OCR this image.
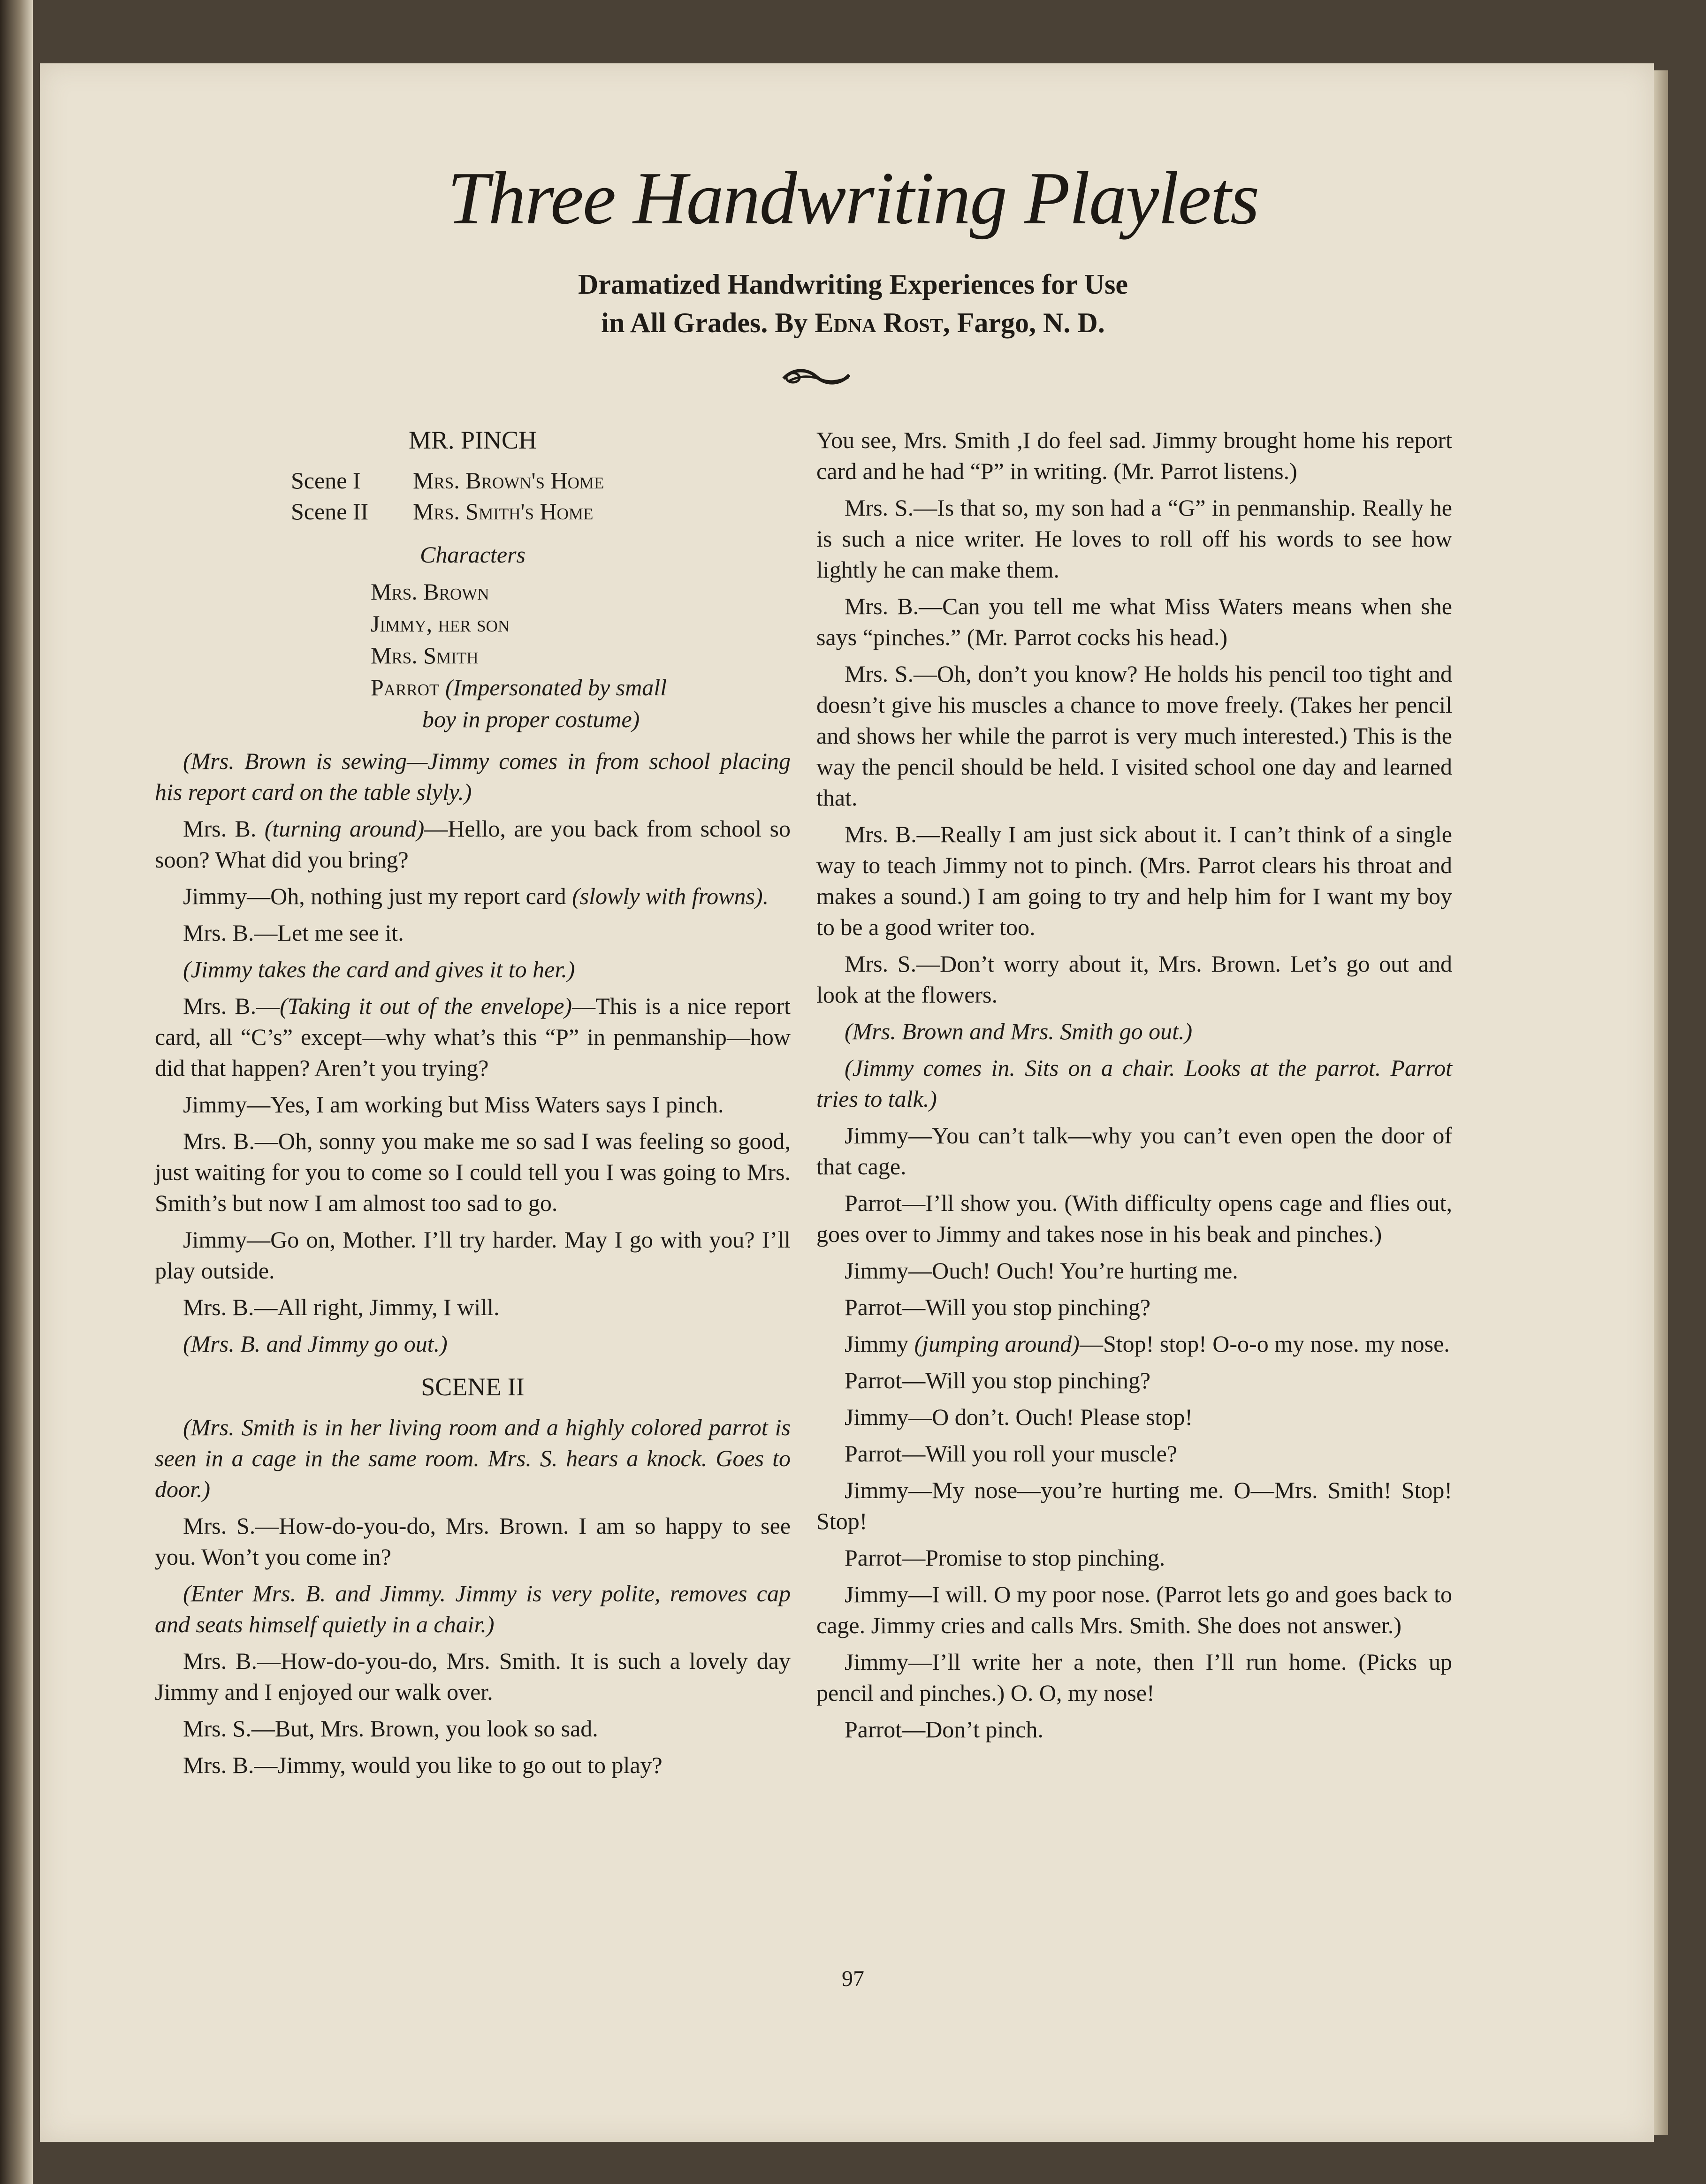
Three Handwriting Playlets
Dramatized Handwriting Experiences for Use
in All Grades. By Edna Rost, Fargo, N. D.
MR. PINCH
Scene I	Mrs. Brown's Home
Scene II	Mrs. Smith's Home
Characters
Mrs. Brown
Jimmy, her son
Mrs. Smith
Parrot (Impersonated by small
boy in proper costume)

(Mrs. Brown is sewing—Jimmy comes in from school placing his report card on the table slyly.)

Mrs. B. (turning around)—Hello, are you back from school so soon? What did you bring?

Jimmy—Oh, nothing just my report card (slowly with frowns).

Mrs. B.—Let me see it.

(Jimmy takes the card and gives it to her.)

Mrs. B.—(Taking it out of the envelope)—This is a nice report card, all “C’s” except—why what’s this “P” in penmanship—how did that happen? Aren’t you trying?

Jimmy—Yes, I am working but Miss Waters says I pinch.

Mrs. B.—Oh, sonny you make me so sad I was feeling so good, just waiting for you to come so I could tell you I was going to Mrs. Smith’s but now I am almost too sad to go.

Jimmy—Go on, Mother. I’ll try harder. May I go with you? I’ll play outside.

Mrs. B.—All right, Jimmy, I will.

(Mrs. B. and Jimmy go out.)

SCENE II

(Mrs. Smith is in her living room and a highly colored parrot is seen in a cage in the same room. Mrs. S. hears a knock. Goes to door.)

Mrs. S.—How-do-you-do, Mrs. Brown. I am so happy to see you. Won’t you come in?

(Enter Mrs. B. and Jimmy. Jimmy is very polite, removes cap and seats himself quietly in a chair.)

Mrs. B.—How-do-you-do, Mrs. Smith. It is such a lovely day Jimmy and I enjoyed our walk over.

Mrs. S.—But, Mrs. Brown, you look so sad.

Mrs. B.—Jimmy, would you like to go out to play?

You see, Mrs. Smith ,I do feel sad. Jimmy brought home his report card and he had “P” in writing. (Mr. Parrot listens.)

Mrs. S.—Is that so, my son had a “G” in penmanship. Really he is such a nice writer. He loves to roll off his words to see how lightly he can make them.

Mrs. B.—Can you tell me what Miss Waters means when she says “pinches.” (Mr. Parrot cocks his head.)

Mrs. S.—Oh, don’t you know? He holds his pencil too tight and doesn’t give his muscles a chance to move freely. (Takes her pencil and shows her while the parrot is very much interested.) This is the way the pencil should be held. I visited school one day and learned that.

Mrs. B.—Really I am just sick about it. I can’t think of a single way to teach Jimmy not to pinch. (Mrs. Parrot clears his throat and makes a sound.) I am going to try and help him for I want my boy to be a good writer too.

Mrs. S.—Don’t worry about it, Mrs. Brown. Let’s go out and look at the flowers.

(Mrs. Brown and Mrs. Smith go out.)

(Jimmy comes in. Sits on a chair. Looks at the parrot. Parrot tries to talk.)

Jimmy—You can’t talk—why you can’t even open the door of that cage.

Parrot—I’ll show you. (With difficulty opens cage and flies out, goes over to Jimmy and takes nose in his beak and pinches.)

Jimmy—Ouch! Ouch! You’re hurting me.

Parrot—Will you stop pinching?

Jimmy (jumping around)—Stop! stop! O-o-o my nose. my nose.

Parrot—Will you stop pinching?

Jimmy—O don’t. Ouch! Please stop!

Parrot—Will you roll your muscle?

Jimmy—My nose—you’re hurting me. O—Mrs. Smith! Stop! Stop!

Parrot—Promise to stop pinching.

Jimmy—I will. O my poor nose. (Parrot lets go and goes back to cage. Jimmy cries and calls Mrs. Smith. She does not answer.)

Jimmy—I’ll write her a note, then I’ll run home. (Picks up pencil and pinches.) O. O, my nose!

Parrot—Don’t pinch.

97
